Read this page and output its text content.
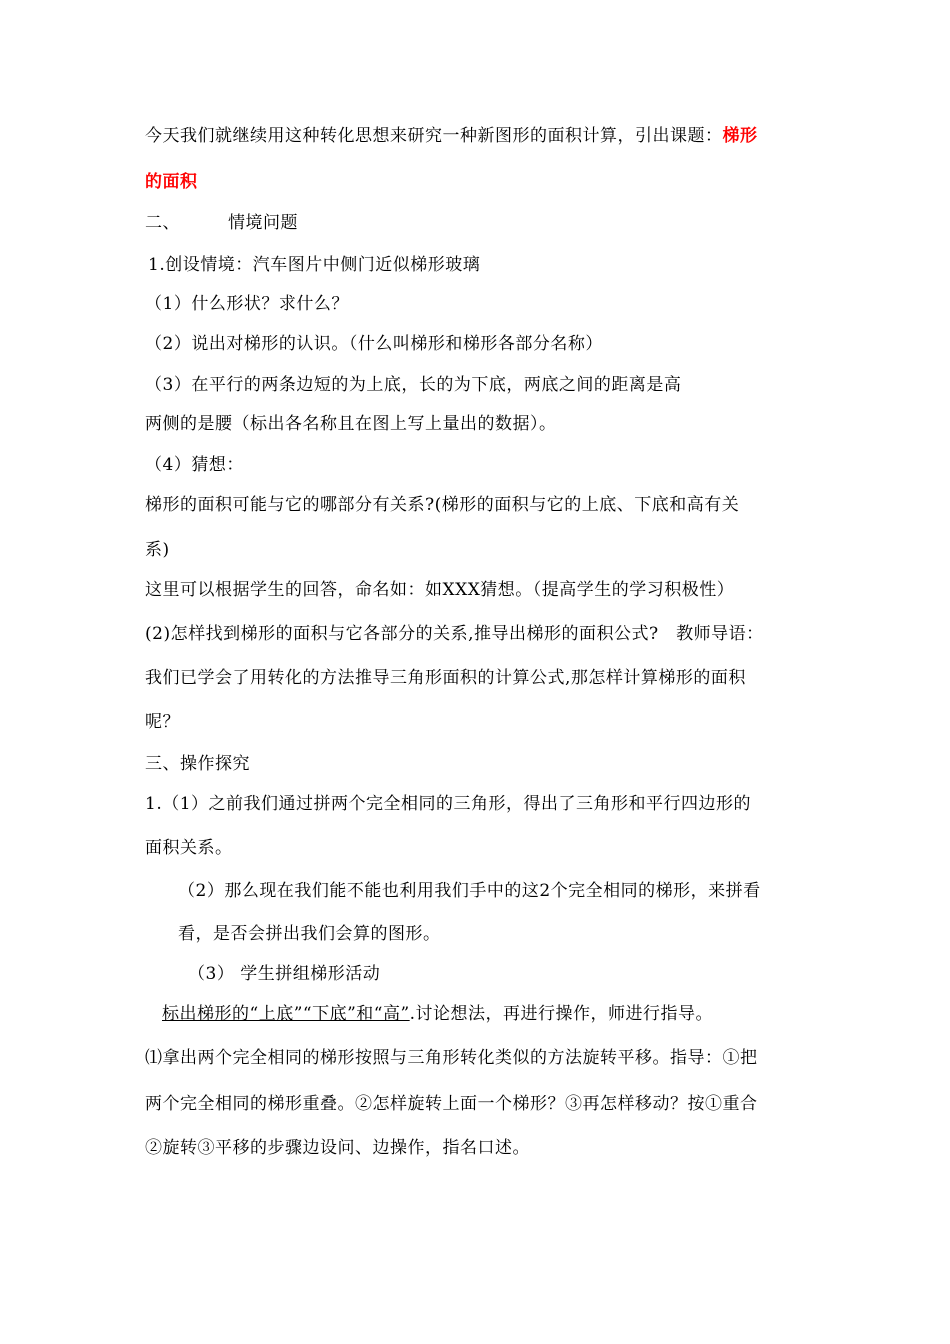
今天我们就继续用这种转化思想来研究一种新图形的面积计算，引出课题：梯形
的面积
二、	情境问题
1.创设情境：汽车图片中侧门近似梯形玻璃
（1）什么形状？求什么？
（2）说出对梯形的认识。（什么叫梯形和梯形各部分名称）
（3）在平行的两条边短的为上底，长的为下底，两底之间的距离是高
两侧的是腰（标出各名称且在图上写上量出的数据）。
（4）猜想：
梯形的面积可能与它的哪部分有关系?(梯形的面积与它的上底、下底和高有关
系)
这里可以根据学生的回答，命名如：如XXX猜想。（提高学生的学习积极性）
(2)怎样找到梯形的面积与它各部分的关系,推导出梯形的面积公式?　教师导语：
我们已学会了用转化的方法推导三角形面积的计算公式,那怎样计算梯形的面积
呢？
三、操作探究
1.（1）之前我们通过拼两个完全相同的三角形，得出了三角形和平行四边形的
面积关系。
（2）那么现在我们能不能也利用我们手中的这2个完全相同的梯形，来拼看
看，是否会拼出我们会算的图形。
（3） 学生拼组梯形活动
标出梯形的“上底”“下底”和“高”.讨论想法，再进行操作，师进行指导。
⑴拿出两个完全相同的梯形按照与三角形转化类似的方法旋转平移。指导：①把
两个完全相同的梯形重叠。②怎样旋转上面一个梯形？③再怎样移动？按①重合
②旋转③平移的步骤边设问、边操作，指名口述。
